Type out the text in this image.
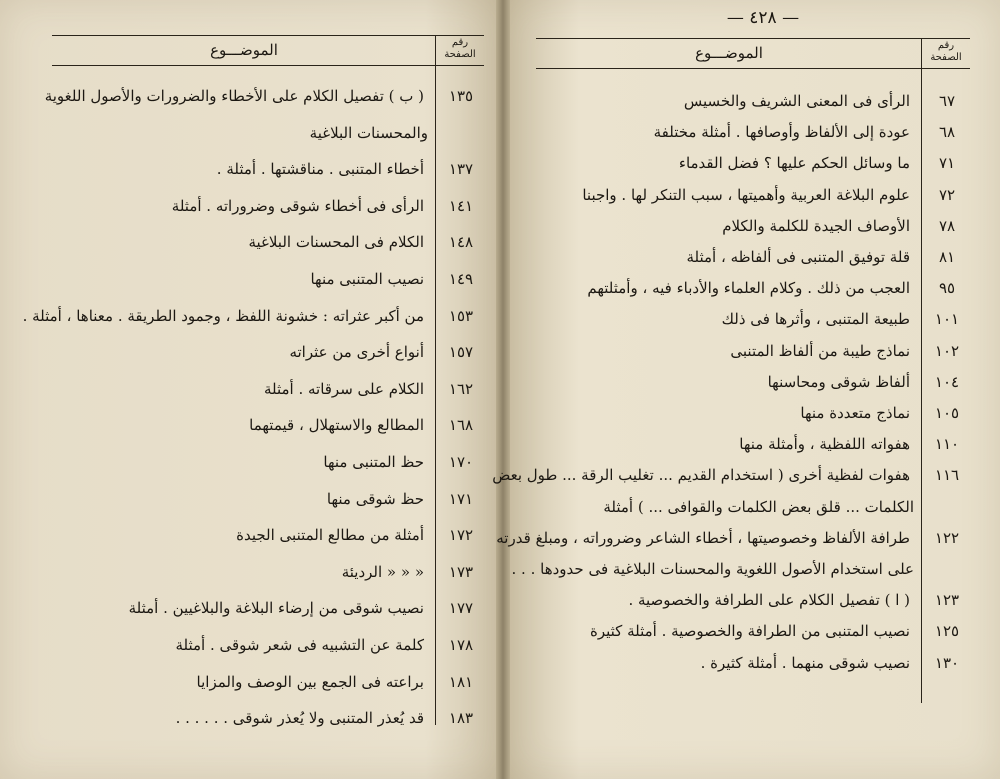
— ٤٢٨ —
رقم الصفحة
الموضـــوع
١٣٥
( ب ) تفصيل الكلام على الأخطاء والضرورات والأصول اللغوية
والمحسنات البلاغية
١٣٧
أخطاء المتنبى . مناقشتها . أمثلة .
١٤١
الرأى فى أخطاء شوقى وضروراته . أمثلة
١٤٨
الكلام فى المحسنات البلاغية
١٤٩
نصيب المتنبى منها
١٥٣
من أكبر عثراته : خشونة اللفظ ، وجمود الطريقة . معناها ، أمثلة .
١٥٧
أنواع أخرى من عثراته
١٦٢
الكلام على سرقاته . أمثلة
١٦٨
المطالع والاستهلال ، قيمتهما
١٧٠
حظ المتنبى منها
١٧١
حظ شوقى منها
١٧٢
أمثلة من مطالع المتنبى الجيدة
١٧٣
« « « الرديئة
١٧٧
نصيب شوقى من إرضاء البلاغة والبلاغيين . أمثلة
١٧٨
كلمة عن التشبيه فى شعر شوقى . أمثلة
١٨١
براعته فى الجمع بين الوصف والمزايا
١٨٣
قد يُعذر المتنبى ولا يُعذر شوقى . . . . . .
رقم الصفحة
الموضـــوع
٦٧
الرأى فى المعنى الشريف والخسيس
٦٨
عودة إلى الألفاظ وأوصافها . أمثلة مختلفة
٧١
ما وسائل الحكم عليها ؟ فضل القدماء
٧٢
علوم البلاغة العربية وأهميتها ، سبب التنكر لها . واجبنا
٧٨
الأوصاف الجيدة للكلمة والكلام
٨١
قلة توفيق المتنبى فى ألفاظه ، أمثلة
٩٥
العجب من ذلك . وكلام العلماء والأدباء فيه ، وأمثلتهم
١٠١
طبيعة المتنبى ، وأثرها فى ذلك
١٠٢
نماذج طيبة من ألفاظ المتنبى
١٠٤
ألفاظ شوقى ومحاسنها
١٠٥
نماذج متعددة منها
١١٠
هفواته اللفظية ، وأمثلة منها
١١٦
هفوات لفظية أخرى ( استخدام القديم ... تغليب الرقة ... طول بعض
الكلمات ... قلق بعض الكلمات والقوافى ... ) أمثلة
١٢٢
طرافة الألفاظ وخصوصيتها ، أخطاء الشاعر وضروراته ، ومبلغ قدرته
على استخدام الأصول اللغوية والمحسنات البلاغية فى حدودها . . .
١٢٣
( ا ) تفصيل الكلام على الطرافة والخصوصية .
١٢٥
نصيب المتنبى من الطرافة والخصوصية . أمثلة كثيرة
١٣٠
نصيب شوقى منهما . أمثلة كثيرة .
